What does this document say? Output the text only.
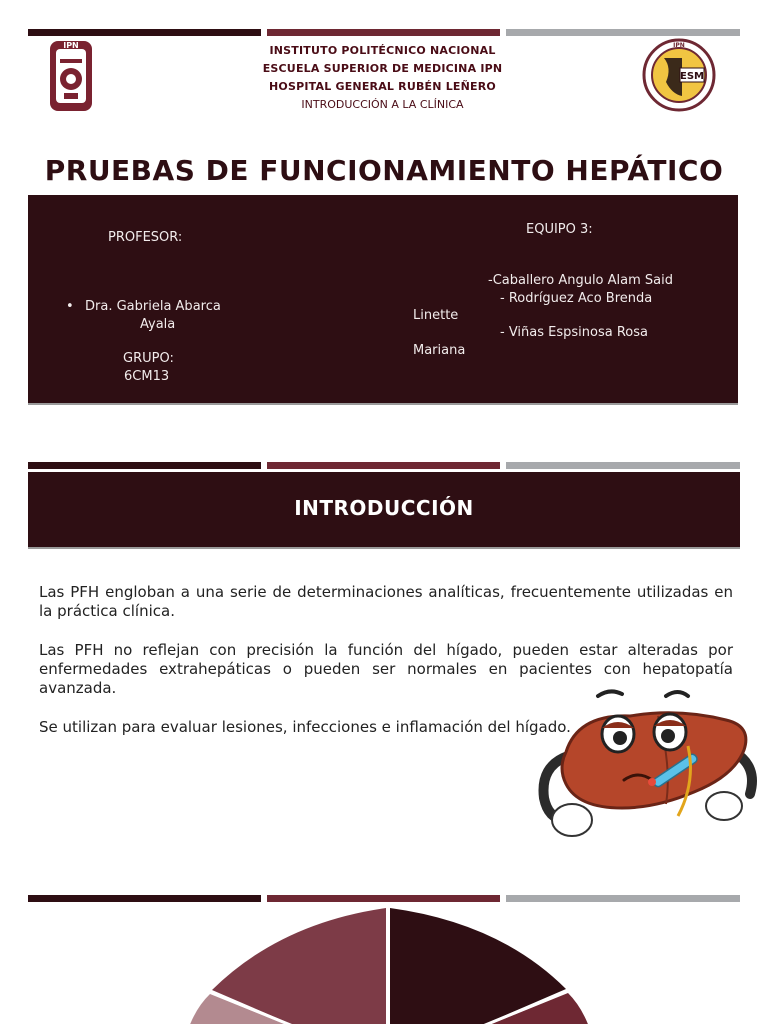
IPN	INSTITUTO POLITÉCNICO NACIONAL
ESCUELA SUPERIOR DE MEDICINA IPN
HOSPITAL GENERAL RUBÉN LEÑERO
INTRODUCCIÓN A LA CLÍNICA
ESM
IPN
PRUEBAS DE FUNCIONAMIENTO HEPÁTICO
PROFESOR:
• Dra. Gabriela Abarca
Ayala
GRUPO:
6CM13
EQUIPO 3:
-Caballero Angulo Alam Said
- Rodríguez Aco Brenda
Linette
- Viñas Espsinosa Rosa
Mariana
INTRODUCCIÓN

Las PFH engloban a una serie de determinaciones analíticas, frecuentemente utilizadas en la práctica clínica.

Las PFH no reflejan con precisión la función del hígado, pueden estar alteradas por enfermedades extrahepáticas o pueden ser normales en pacientes con hepatopatía avanzada.

Se utilizan para evaluar lesiones, infecciones e inflamación del hígado.
